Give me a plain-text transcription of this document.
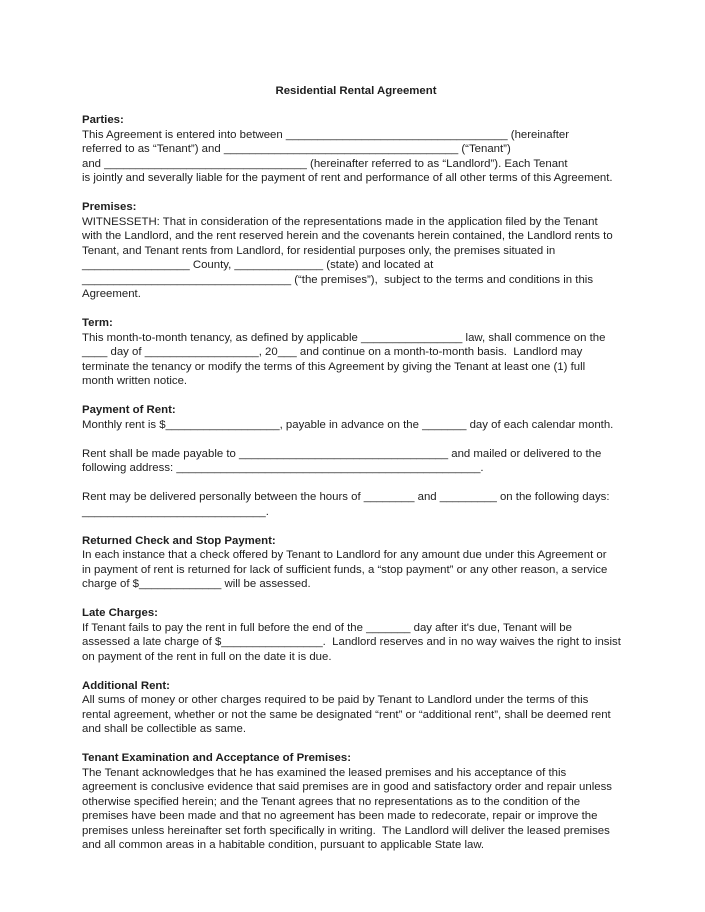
Residential Rental Agreement
Parties:
This Agreement is entered into between ___________________________________ (hereinafter
referred to as “Tenant”) and _____________________________________ (“Tenant”)
and ________________________________ (hereinafter referred to as “Landlord”). Each Tenant
is jointly and severally liable for the payment of rent and performance of all other terms of this Agreement.
Premises:
WITNESSETH: That in consideration of the representations made in the application filed by the Tenant
with the Landlord, and the rent reserved herein and the covenants herein contained, the Landlord rents to
Tenant, and Tenant rents from Landlord, for residential purposes only, the premises situated in
_________________ County, ______________ (state) and located at
_________________________________ (“the premises”),  subject to the terms and conditions in this
Agreement.
Term:
This month-to-month tenancy, as defined by applicable ________________ law, shall commence on the
____ day of __________________, 20___ and continue on a month-to-month basis.  Landlord may
terminate the tenancy or modify the terms of this Agreement by giving the Tenant at least one (1) full
month written notice.
Payment of Rent:
Monthly rent is $__________________, payable in advance on the _______ day of each calendar month.
Rent shall be made payable to _________________________________ and mailed or delivered to the
following address: ________________________________________________.
Rent may be delivered personally between the hours of ________ and _________ on the following days:
_____________________________.
Returned Check and Stop Payment:
In each instance that a check offered by Tenant to Landlord for any amount due under this Agreement or
in payment of rent is returned for lack of sufficient funds, a “stop payment” or any other reason, a service
charge of $_____________ will be assessed.
Late Charges:
If Tenant fails to pay the rent in full before the end of the _______ day after it's due, Tenant will be
assessed a late charge of $________________.  Landlord reserves and in no way waives the right to insist
on payment of the rent in full on the date it is due.
Additional Rent:
All sums of money or other charges required to be paid by Tenant to Landlord under the terms of this
rental agreement, whether or not the same be designated “rent” or “additional rent”, shall be deemed rent
and shall be collectible as same.
Tenant Examination and Acceptance of Premises:
The Tenant acknowledges that he has examined the leased premises and his acceptance of this
agreement is conclusive evidence that said premises are in good and satisfactory order and repair unless
otherwise specified herein; and the Tenant agrees that no representations as to the condition of the
premises have been made and that no agreement has been made to redecorate, repair or improve the
premises unless hereinafter set forth specifically in writing.  The Landlord will deliver the leased premises
and all common areas in a habitable condition, pursuant to applicable State law.
